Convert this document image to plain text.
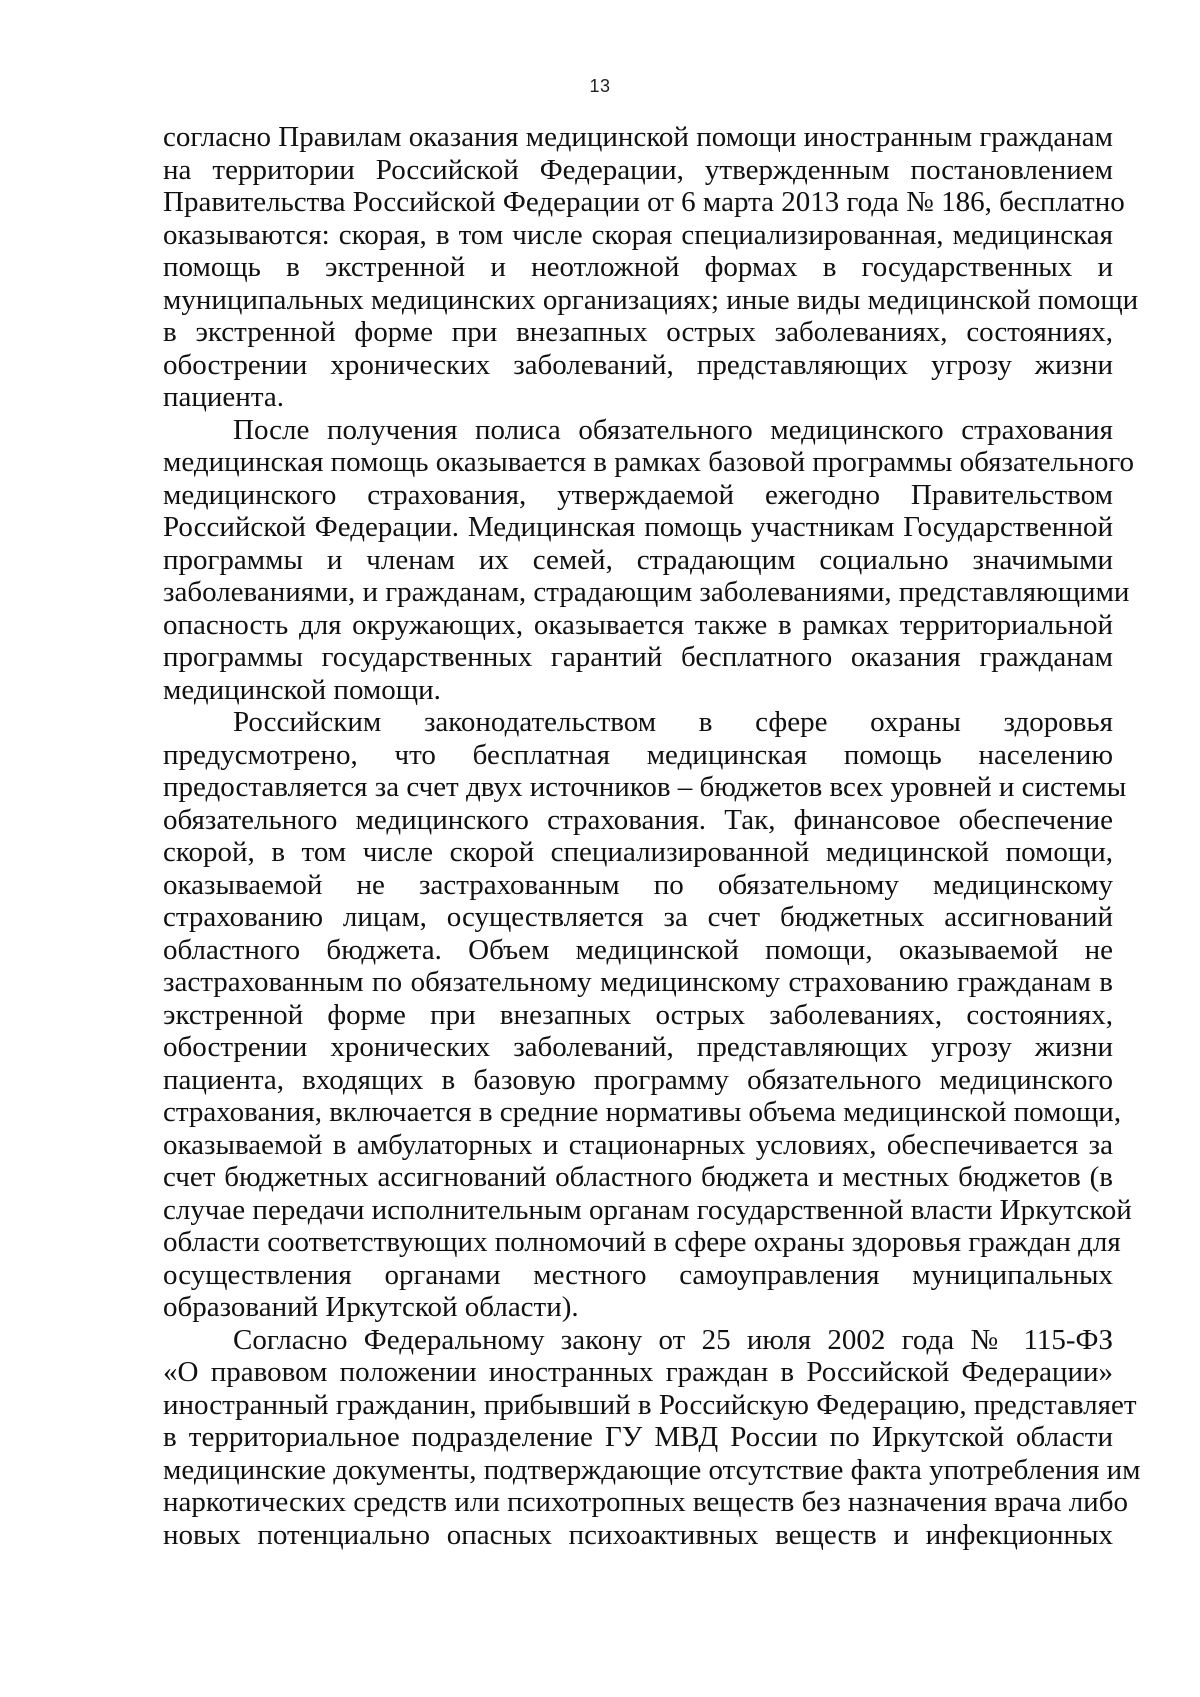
13
согласно Правилам оказания медицинской помощи иностранным гражданам
на территории Российской Федерации, утвержденным постановлением
Правительства Российской Федерации от 6 марта 2013 года № 186, бесплатно
оказываются: скорая, в том числе скорая специализированная, медицинская
помощь в экстренной и неотложной формах в государственных и
муниципальных медицинских организациях; иные виды медицинской помощи
в экстренной форме при внезапных острых заболеваниях, состояниях,
обострении хронических заболеваний, представляющих угрозу жизни
пациента.
После получения полиса обязательного медицинского страхования
медицинская помощь оказывается в рамках базовой программы обязательного
медицинского страхования, утверждаемой ежегодно Правительством
Российской Федерации. Медицинская помощь участникам Государственной
программы и членам их семей, страдающим социально значимыми
заболеваниями, и гражданам, страдающим заболеваниями, представляющими
опасность для окружающих, оказывается также в рамках территориальной
программы государственных гарантий бесплатного оказания гражданам
медицинской помощи.
Российским законодательством в сфере охраны здоровья
предусмотрено, что бесплатная медицинская помощь населению
предоставляется за счет двух источников – бюджетов всех уровней и системы
обязательного медицинского страхования. Так, финансовое обеспечение
скорой, в том числе скорой специализированной медицинской помощи,
оказываемой не застрахованным по обязательному медицинскому
страхованию лицам, осуществляется за счет бюджетных ассигнований
областного бюджета. Объем медицинской помощи, оказываемой не
застрахованным по обязательному медицинскому страхованию гражданам в
экстренной форме при внезапных острых заболеваниях, состояниях,
обострении хронических заболеваний, представляющих угрозу жизни
пациента, входящих в базовую программу обязательного медицинского
страхования, включается в средние нормативы объема медицинской помощи,
оказываемой в амбулаторных и стационарных условиях, обеспечивается за
счет бюджетных ассигнований областного бюджета и местных бюджетов (в
случае передачи исполнительным органам государственной власти Иркутской
области соответствующих полномочий в сфере охраны здоровья граждан для
осуществления органами местного самоуправления муниципальных
образований Иркутской области).
Согласно Федеральному закону от 25 июля 2002 года № 115-ФЗ
«О правовом положении иностранных граждан в Российской Федерации»
иностранный гражданин, прибывший в Российскую Федерацию, представляет
в территориальное подразделение ГУ МВД России по Иркутской области
медицинские документы, подтверждающие отсутствие факта употребления им
наркотических средств или психотропных веществ без назначения врача либо
новых потенциально опасных психоактивных веществ и инфекционных
